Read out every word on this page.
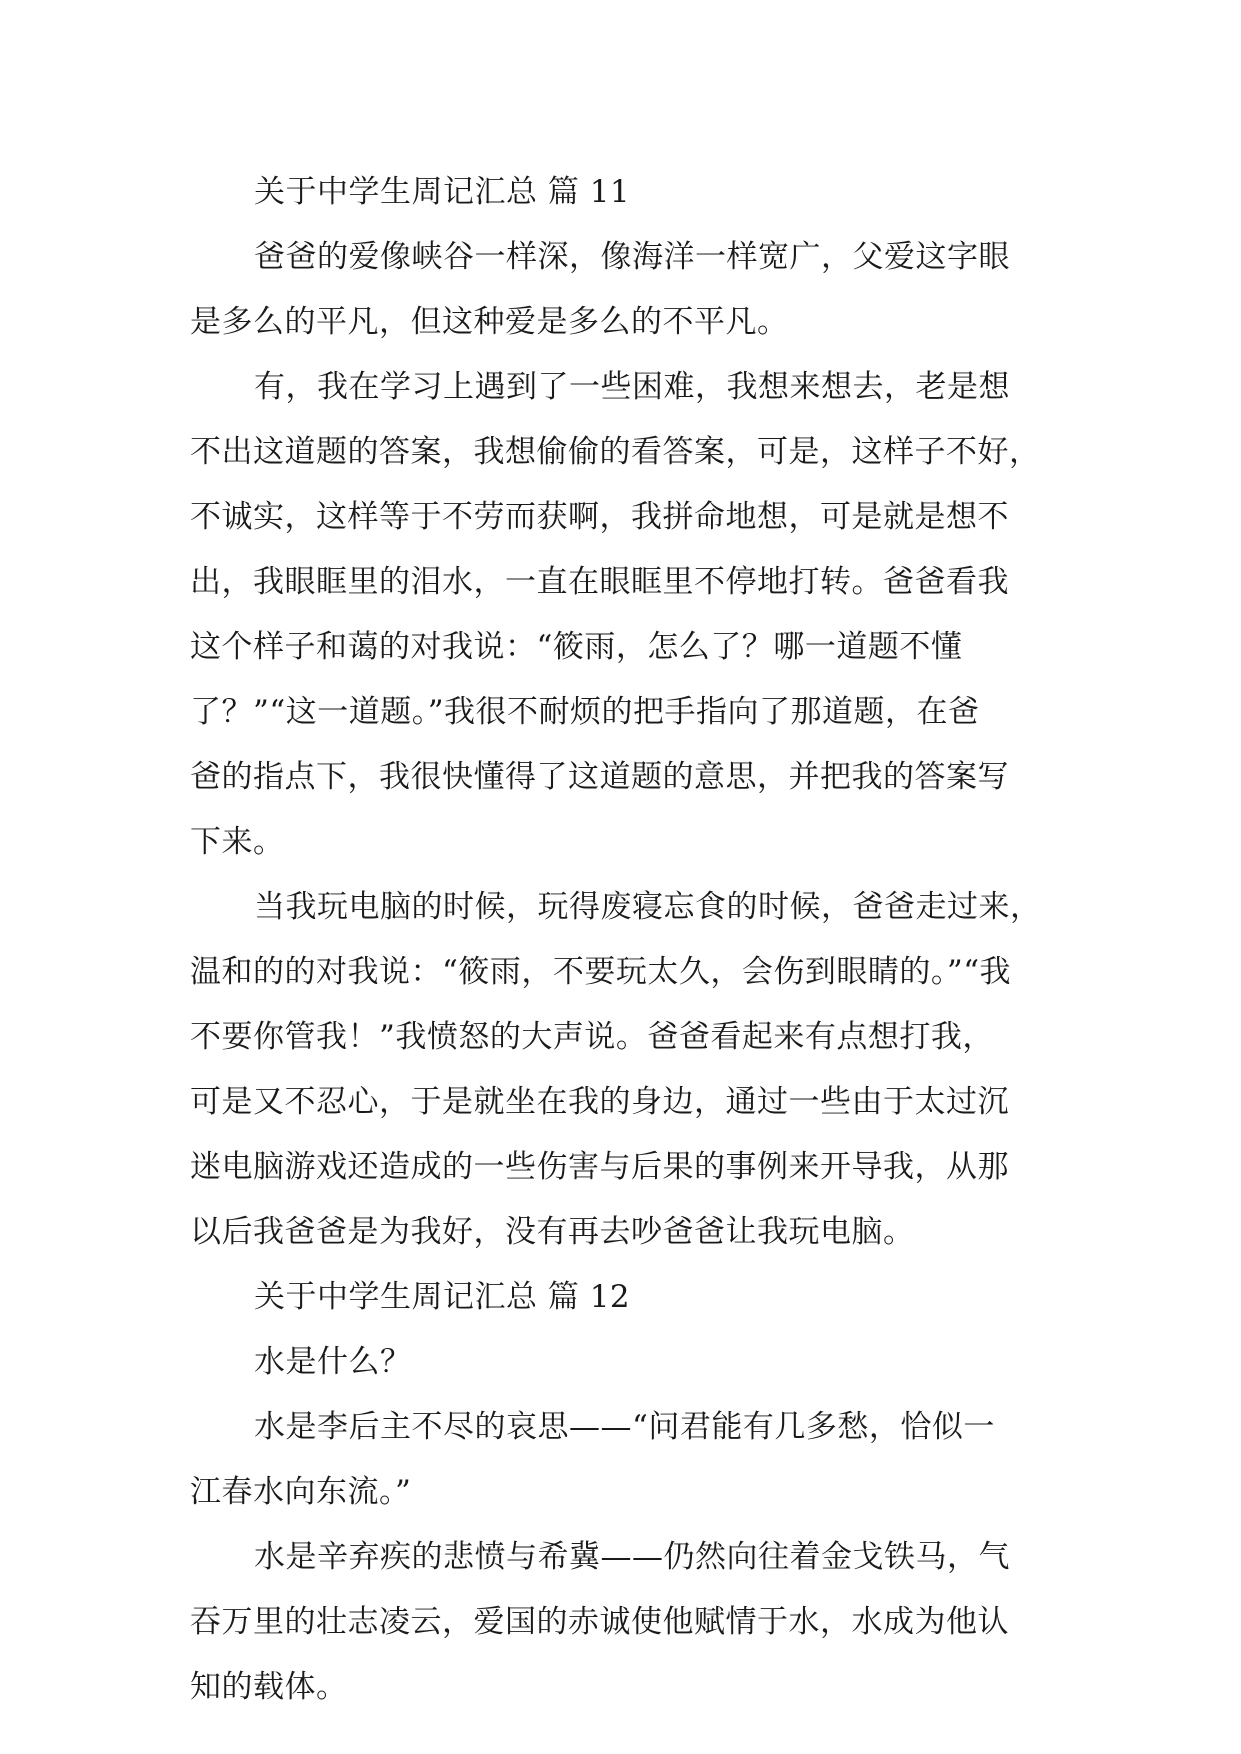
关于中学生周记汇总 篇 11
爸爸的爱像峡谷一样深，像海洋一样宽广，父爱这字眼
是多么的平凡，但这种爱是多么的不平凡。
有，我在学习上遇到了一些困难，我想来想去，老是想
不出这道题的答案，我想偷偷的看答案，可是，这样子不好，
不诚实，这样等于不劳而获啊，我拼命地想，可是就是想不
出，我眼眶里的泪水，一直在眼眶里不停地打转。爸爸看我
这个样子和蔼的对我说：“筱雨，怎么了？哪一道题不懂
了？”“这一道题。”我很不耐烦的把手指向了那道题，在爸
爸的指点下，我很快懂得了这道题的意思，并把我的答案写
下来。
当我玩电脑的时候，玩得废寝忘食的时候，爸爸走过来，
温和的的对我说：“筱雨，不要玩太久，会伤到眼睛的。”“我
不要你管我！”我愤怒的大声说。爸爸看起来有点想打我，
可是又不忍心，于是就坐在我的身边，通过一些由于太过沉
迷电脑游戏还造成的一些伤害与后果的事例来开导我，从那
以后我爸爸是为我好，没有再去吵爸爸让我玩电脑。
关于中学生周记汇总 篇 12
水是什么？
水是李后主不尽的哀思——“问君能有几多愁，恰似一
江春水向东流。”
水是辛弃疾的悲愤与希冀——仍然向往着金戈铁马，气
吞万里的壮志凌云，爱国的赤诚使他赋情于水，水成为他认
知的载体。
